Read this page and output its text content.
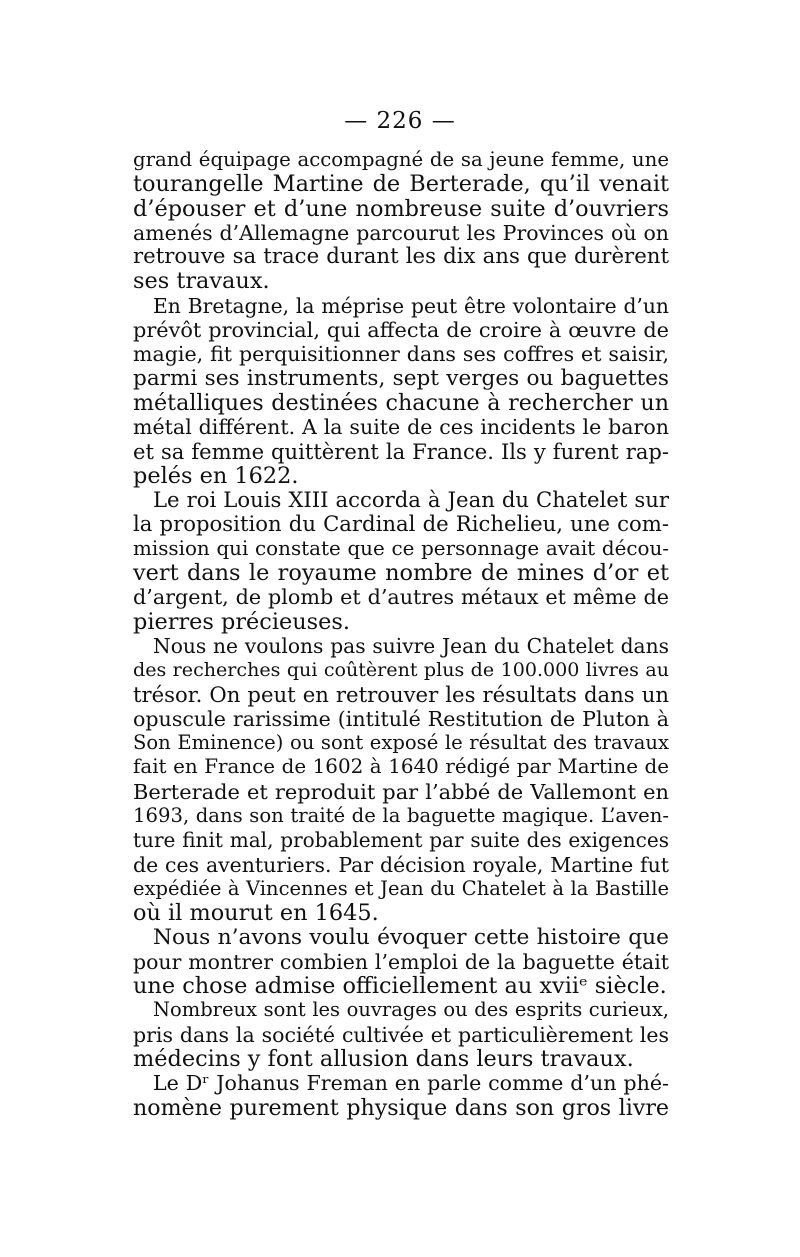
— 226 —
grand équipage accompagné de sa jeune femme, une
tourangelle Martine de Berterade, qu’il venait
d’épouser et d’une nombreuse suite d’ouvriers
amenés d’Allemagne parcourut les Provinces où on
retrouve sa trace durant les dix ans que durèrent
ses travaux.
En Bretagne, la méprise peut être volontaire d’un
prévôt provincial, qui affecta de croire à œuvre de
magie, fit perquisitionner dans ses coffres et saisir,
parmi ses instruments, sept verges ou baguettes
métalliques destinées chacune à rechercher un
métal différent. A la suite de ces incidents le baron
et sa femme quittèrent la France. Ils y furent rap-
pelés en 1622.
Le roi Louis XIII accorda à Jean du Chatelet sur
la proposition du Cardinal de Richelieu, une com-
mission qui constate que ce personnage avait décou-
vert dans le royaume nombre de mines d’or et
d’argent, de plomb et d’autres métaux et même de
pierres précieuses.
Nous ne voulons pas suivre Jean du Chatelet dans
des recherches qui coûtèrent plus de 100.000 livres au
trésor. On peut en retrouver les résultats dans un
opuscule rarissime (intitulé Restitution de Pluton à
Son Eminence) ou sont exposé le résultat des travaux
fait en France de 1602 à 1640 rédigé par Martine de
Berterade et reproduit par l’abbé de Vallemont en
1693, dans son traité de la baguette magique. L’aven-
ture finit mal, probablement par suite des exigences
de ces aventuriers. Par décision royale, Martine fut
expédiée à Vincennes et Jean du Chatelet à la Bastille
où il mourut en 1645.
Nous n’avons voulu évoquer cette histoire que
pour montrer combien l’emploi de la baguette était
une chose admise officiellement au xviiᵉ siècle.
Nombreux sont les ouvrages ou des esprits curieux,
pris dans la société cultivée et particulièrement les
médecins y font allusion dans leurs travaux.
Le Dʳ Johanus Freman en parle comme d’un phé-
nomène purement physique dans son gros livre
